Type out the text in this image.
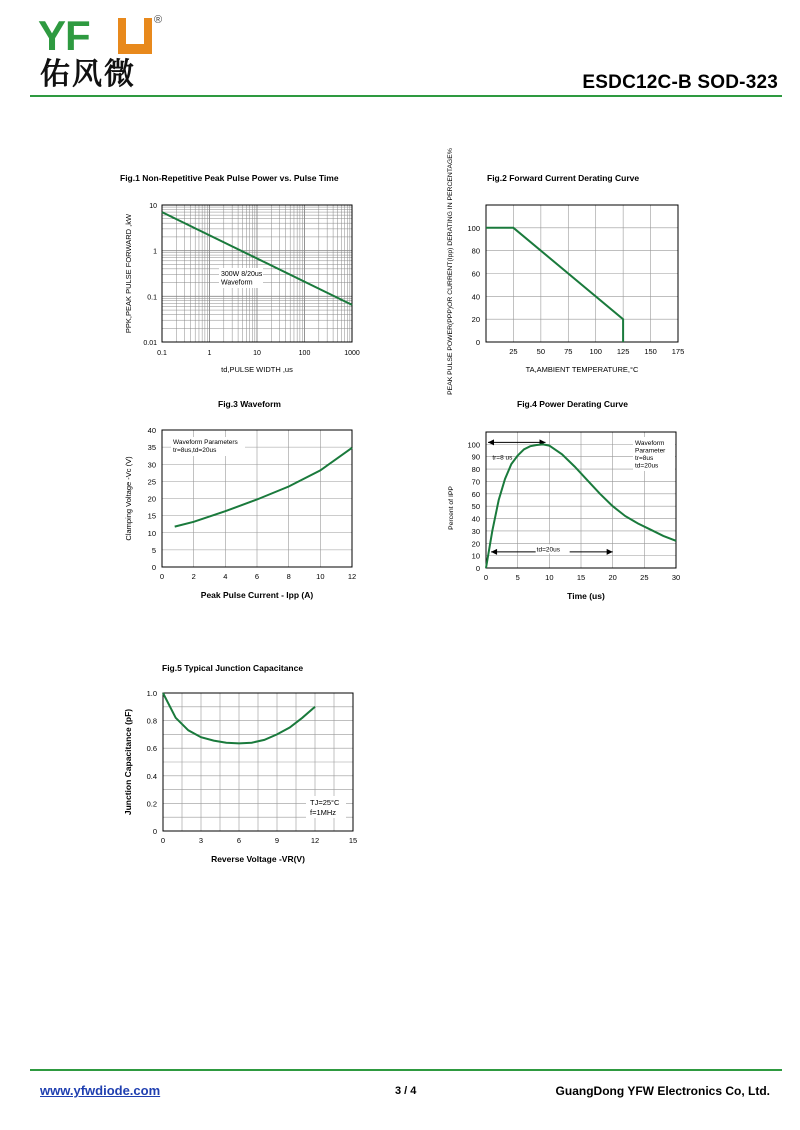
YF	®
佑风微	ESDC12C-B SOD-323
Fig.1 Non-Repetitive Peak Pulse Power vs. Pulse Time
0.1	1	10	100	1000
0.01
0.1
1
10
td,PULSE WIDTH ,us
PPK,PEAK PULSE FORWARD ,kW	300W 8/20us Waveform
Fig.2 Forward Current Derating Curve
25	50	75 100 125 150 175
0
20
40
60
80
100
TA,AMBIENT TEMPERATURE,°C
PEAK PULSE POWER(PPP)OR CURRENT(Ipp) DERATING IN PERCENTAGE%
Fig.3 Waveform
0	2	4	6	8	10	12
0
5
10
15
20
25
30
35
40
Peak Pulse Current - Ipp (A)
Clamping Voltage -Vc (V)
Waveform Parameters tr=8us,td=20us
Fig.4 Power Derating Curve
0	5	10	15	20	25	30
0
10
20
30
40
50
60
70
80
90
100
Time (us)
Percent of IPP
tr=8 us
td=20us
Waveform Parameter tr=8us td=20us
Fig.5 Typical Junction Capacitance
0	3	6	9	12	15
0
0.2
0.4
0.6
0.8
1.0
Reverse Voltage -VR(V)
Junction Capacitance (pF)	TJ=25°C f=1MHz
www.yfwdiode.com	3 / 4	GuangDong YFW Electronics Co, Ltd.
